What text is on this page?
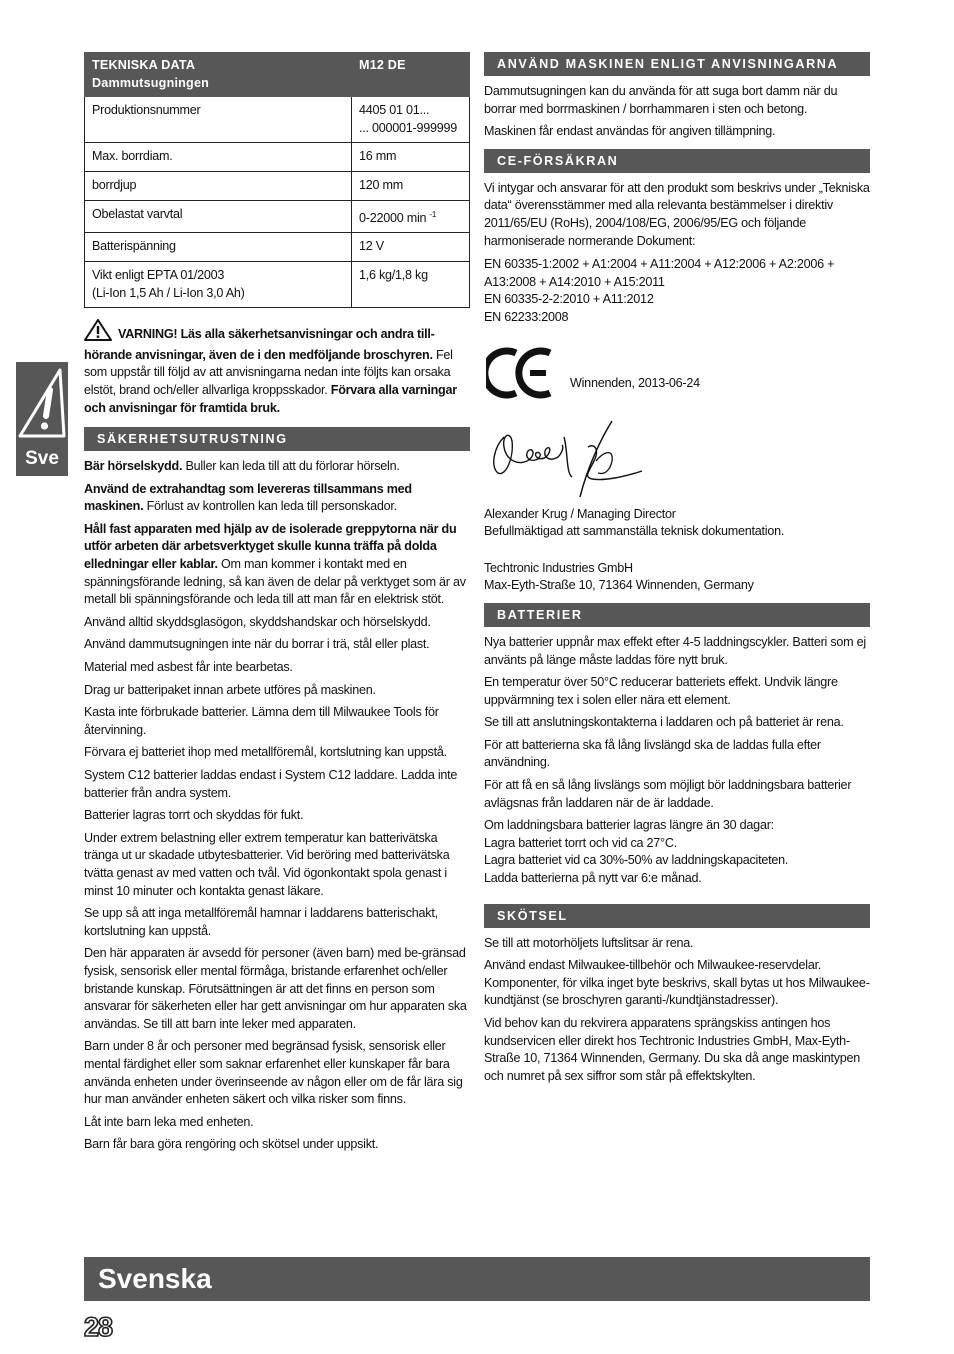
TEKNISKA DATA
Dammutsugningen	M12 DE
Produktionsnummer	4405 01 01...
... 000001-999999

Max. borrdiam.	16 mm
borrdjup	120 mm
Obelastat varvtal	0-22000 min $^{-1}$
Batterispänning	12 V

Vikt enligt EPTA 01/2003
(Li-Ion 1,5 Ah / Li-Ion 3,0 Ah)	1,6 kg/1,8 kg

VARNING! Läs alla säkerhetsanvisningar och andra till-hörande anvisningar, även de i den medföljande broschyren. Fel som uppstår till följd av att anvisningarna nedan inte följts kan orsaka elstöt, brand och/eller allvarliga kroppsskador. Förvara alla varningar och anvisningar för framtida bruk.

SÄKERHETSUTRUSTNING

Bär hörselskydd. Buller kan leda till att du förlorar hörseln.

Använd de extrahandtag som levereras tillsammans med maskinen. Förlust av kontrollen kan leda till personskador.

Håll fast apparaten med hjälp av de isolerade greppytorna när du utför arbeten där arbetsverktyget skulle kunna träffa på dolda elledningar eller kablar. Om man kommer i kontakt med en spänningsförande ledning, så kan även de delar på verktyget som är av metall bli spänningsförande och leda till att man får en elektrisk stöt.

Använd alltid skyddsglasögon, skyddshandskar och hörselskydd.

Använd dammutsugningen inte när du borrar i trä, stål eller plast.

Material med asbest får inte bearbetas.

Drag ur batteripaket innan arbete utföres på maskinen.

Kasta inte förbrukade batterier. Lämna dem till Milwaukee Tools för återvinning.

Förvara ej batteriet ihop med metallföremål, kortslutning kan uppstå.

System C12 batterier laddas endast i System C12 laddare. Ladda inte batterier från andra system.

Batterier lagras torrt och skyddas för fukt.

Under extrem belastning eller extrem temperatur kan batterivätska tränga ut ur skadade utbytesbatterier. Vid beröring med batterivätska tvätta genast av med vatten och tvål. Vid ögonkontakt spola genast i minst 10 minuter och kontakta genast läkare.

Se upp så att inga metallföremål hamnar i laddarens batterischakt, kortslutning kan uppstå.

Den här apparaten är avsedd för personer (även barn) med be-gränsad fysisk, sensorisk eller mental förmåga, bristande erfarenhet och/eller bristande kunskap. Förutsättningen är att det finns en person som ansvarar för säkerheten eller har gett anvisningar om hur apparaten ska användas. Se till att barn inte leker med apparaten.

Barn under 8 år och personer med begränsad fysisk, sensorisk eller mental färdighet eller som saknar erfarenhet eller kunskaper får bara använda enheten under överinseende av någon eller om de får lära sig hur man använder enheten säkert och vilka risker som finns.

Låt inte barn leka med enheten.

Barn får bara göra rengöring och skötsel under uppsikt.

ANVÄND MASKINEN ENLIGT ANVISNINGARNA

Dammutsugningen kan du använda för att suga bort damm när du borrar med borrmaskinen / borrhammaren i sten och betong.

Maskinen får endast användas för angiven tillämpning.

CE-FÖRSÄKRAN

Vi intygar och ansvarar för att den produkt som beskrivs under „Tekniska data“ överensstämmer med alla relevanta bestämmelser i direktiv 2011/65/EU (RoHs), 2004/108/EG, 2006/95/EG och följande harmoniserade normerande Dokument:

EN 60335-1:2002 + A1:2004 + A11:2004 + A12:2006 + A2:2006 + A13:2008 + A14:2010 + A15:2011
EN 60335-2-2:2010 + A11:2012
EN 62233:2008

Winnenden, 2013-06-24

Alexander Krug / Managing Director
Befullmäktigad att sammanställa teknisk dokumentation.

Techtronic Industries GmbH
Max-Eyth-Straße 10, 71364 Winnenden, Germany

BATTERIER

Nya batterier uppnår max effekt efter 4-5 laddningscykler. Batteri som ej använts på länge måste laddas före nytt bruk.

En temperatur över 50°C reducerar batteriets effekt. Undvik längre uppvärmning tex i solen eller nära ett element.

Se till att anslutningskontakterna i laddaren och på batteriet är rena.

För att batterierna ska få lång livslängd ska de laddas fulla efter användning.

För att få en så lång livslängs som möjligt bör laddningsbara batterier avlägsnas från laddaren när de är laddade.

Om laddningsbara batterier lagras längre än 30 dagar:
Lagra batteriet torrt och vid ca 27°C.
Lagra batteriet vid ca 30%-50% av laddningskapaciteten.
Ladda batterierna på nytt var 6:e månad.

SKÖTSEL

Se till att motorhöljets luftslitsar är rena.

Använd endast Milwaukee-tillbehör och Milwaukee-reservdelar. Komponenter, för vilka inget byte beskrivs, skall bytas ut hos Milwaukee-kundtjänst (se broschyren garanti-/kundtjänstadresser).

Vid behov kan du rekvirera apparatens sprängskiss antingen hos kundservicen eller direkt hos Techtronic Industries GmbH, Max-Eyth-Straße 10, 71364 Winnenden, Germany. Du ska då ange maskintypen och numret på sex siffror som står på effektskylten.

Sve
Svenska
28
